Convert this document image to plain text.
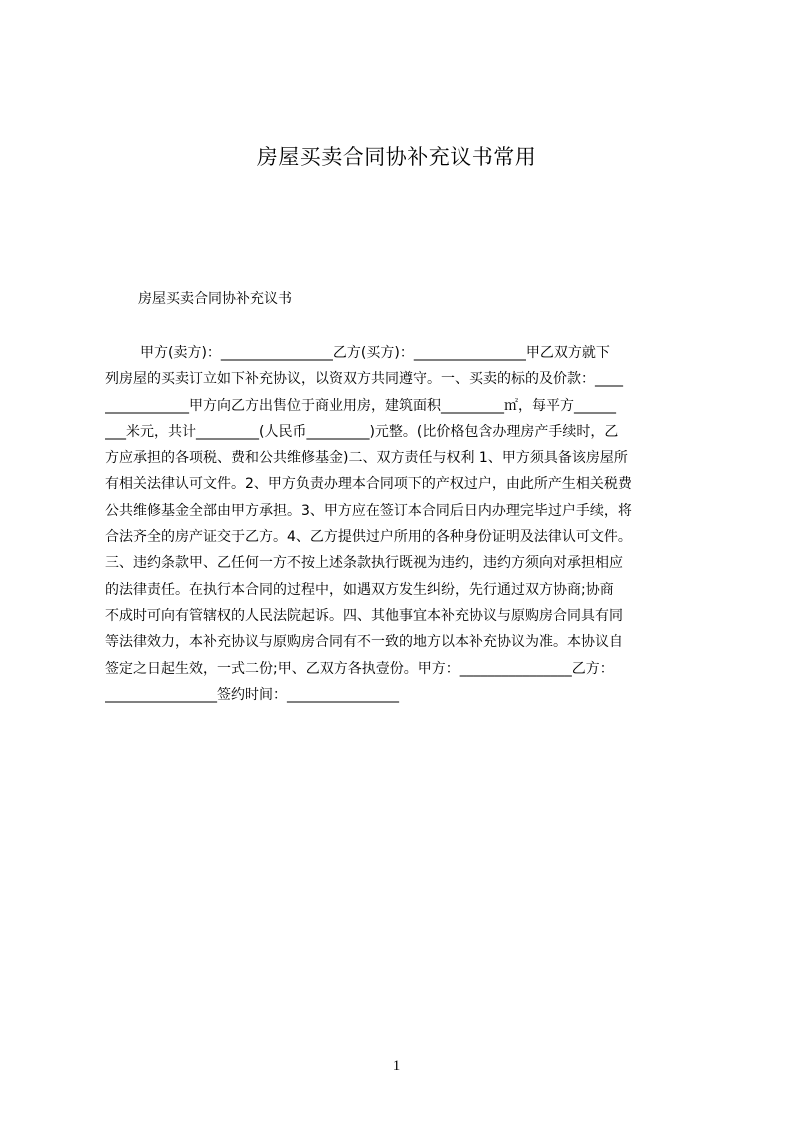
房屋买卖合同协补充议书常用

房屋买卖合同协补充议书

甲方(卖方)：________________乙方(买方)：________________甲乙双方就下
列房屋的买卖订立如下补充协议，以资双方共同遵守。一、买卖的标的及价款：____
____________甲方向乙方出售位于商业用房，建筑面积_________㎡，每平方______
___米元，共计_________(人民币_________)元整。(比价格包含办理房产手续时，乙
方应承担的各项税、费和公共维修基金)二、双方责任与权利 1、甲方须具备该房屋所
有相关法律认可文件。2、甲方负责办理本合同项下的产权过户，由此所产生相关税费
公共维修基金全部由甲方承担。3、甲方应在签订本合同后日内办理完毕过户手续，将
合法齐全的房产证交于乙方。4、乙方提供过户所用的各种身份证明及法律认可文件。
三、违约条款甲、乙任何一方不按上述条款执行既视为违约，违约方须向对承担相应
的法律责任。在执行本合同的过程中，如遇双方发生纠纷，先行通过双方协商;协商
不成时可向有管辖权的人民法院起诉。四、其他事宜本补充协议与原购房合同具有同
等法律效力，本补充协议与原购房合同有不一致的地方以本补充协议为准。本协议自
签定之日起生效，一式二份;甲、乙双方各执壹份。甲方：________________乙方：
________________签约时间：________________
1
